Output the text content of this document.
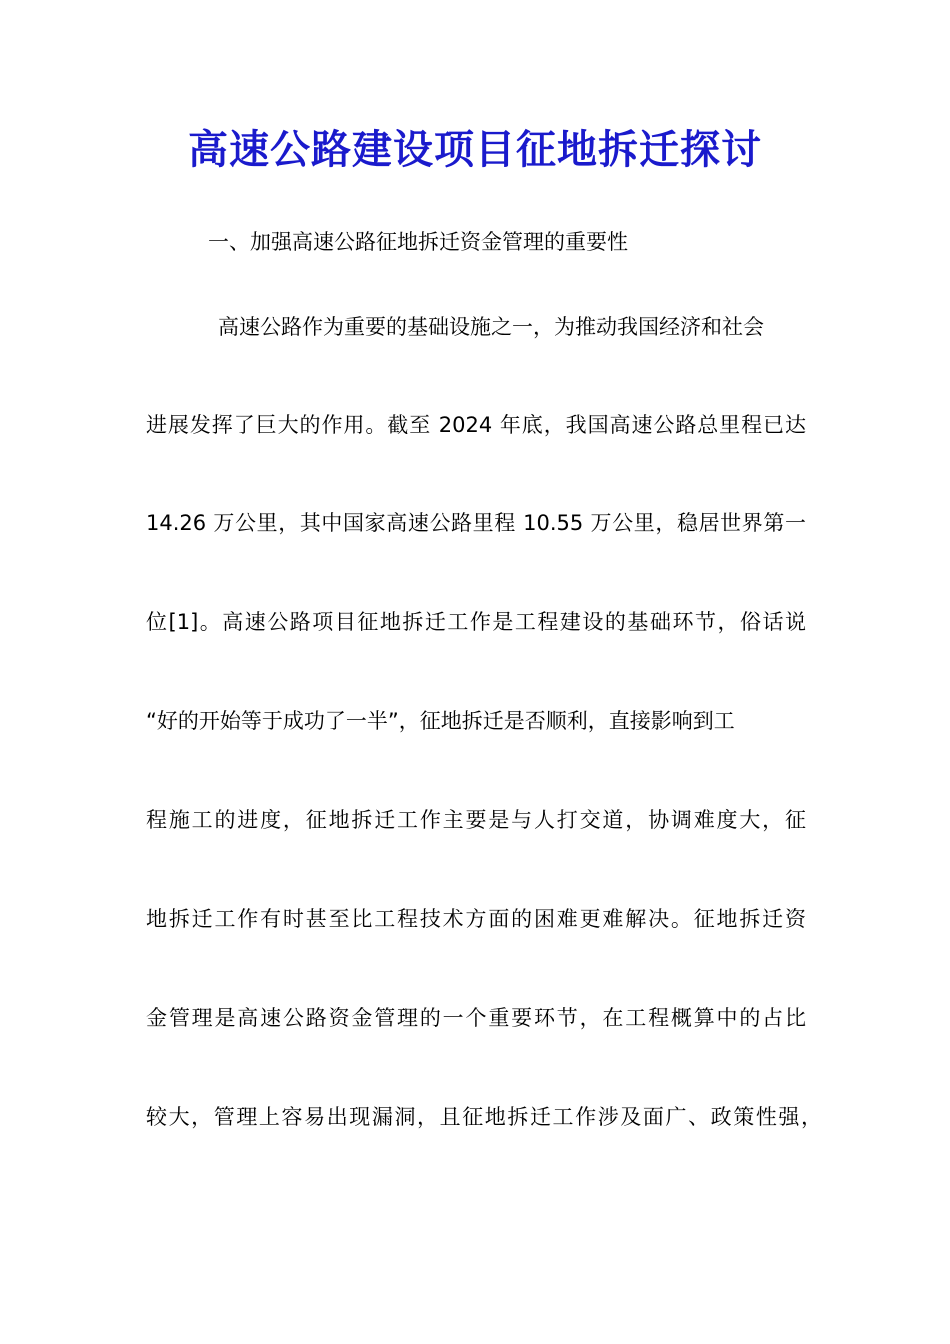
高速公路建设项目征地拆迁探讨
一、加强高速公路征地拆迁资金管理的重要性
高速公路作为重要的基础设施之一，为推动我国经济和社会
进展发挥了巨大的作用。截至 2024 年底，我国高速公路总里程已达
14.26 万公里，其中国家高速公路里程 10.55 万公里，稳居世界第一
位[1]。高速公路项目征地拆迁工作是工程建设的基础环节，俗话说
“好的开始等于成功了一半”，征地拆迁是否顺利，直接影响到工
程施工的进度，征地拆迁工作主要是与人打交道，协调难度大，征
地拆迁工作有时甚至比工程技术方面的困难更难解决。征地拆迁资
金管理是高速公路资金管理的一个重要环节，在工程概算中的占比
较大，管理上容易出现漏洞，且征地拆迁工作涉及面广、政策性强，
